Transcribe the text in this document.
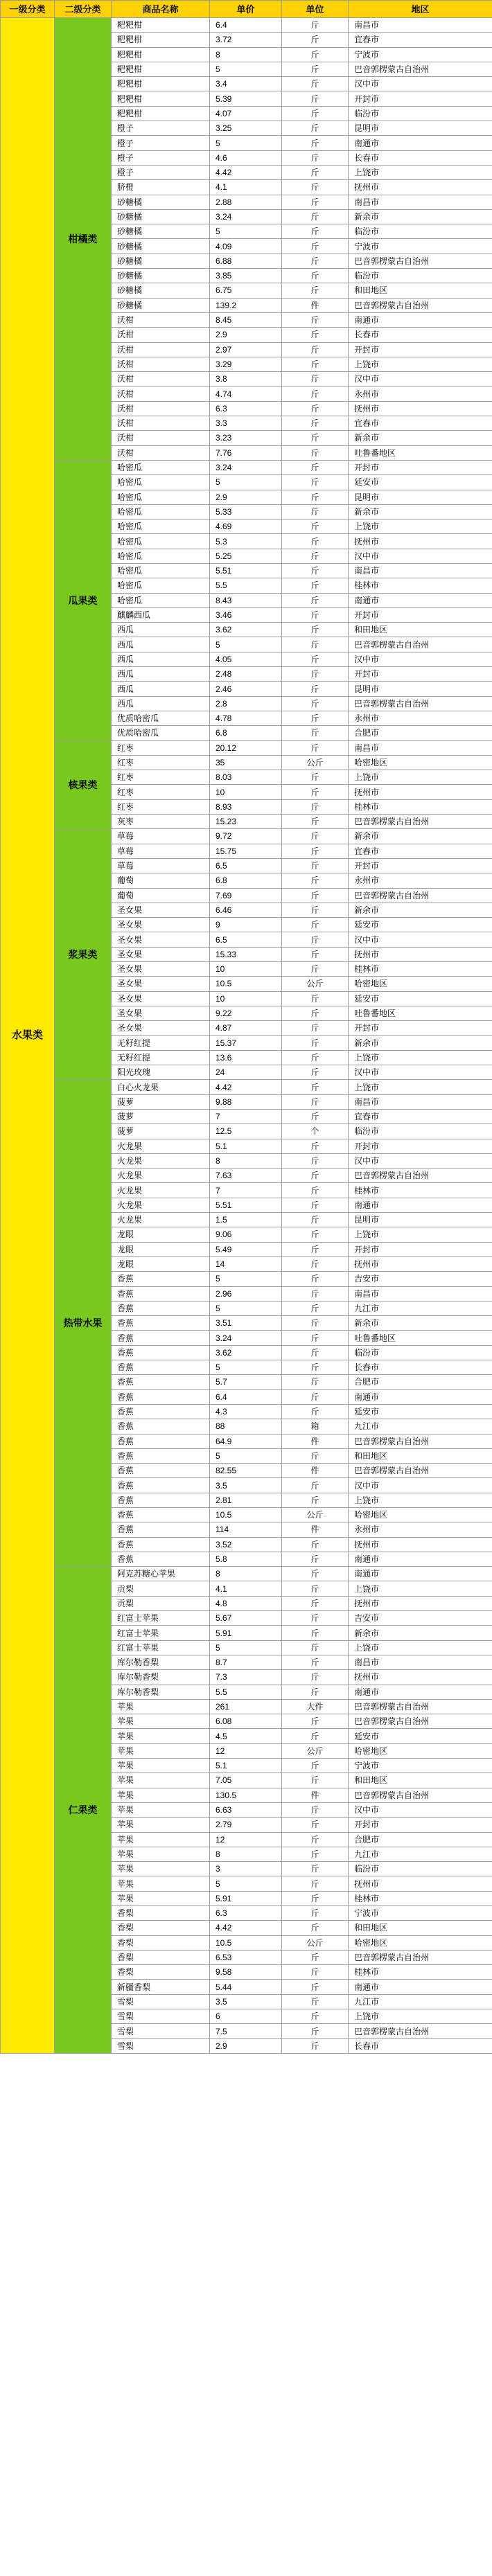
一级分类	二级分类	商品名称	单价	单位	地区
水果类	柑橘类	粑粑柑	6.4	斤	南昌市
		粑粑柑	3.72	斤	宜春市
		粑粑柑	8	斤	宁波市
		粑粑柑	5	斤	巴音郭楞蒙古自治州
		粑粑柑	3.4	斤	汉中市
		粑粑柑	5.39	斤	开封市
		粑粑柑	4.07	斤	临汾市
		橙子	3.25	斤	昆明市
		橙子	5	斤	南通市
		橙子	4.6	斤	长春市
		橙子	4.42	斤	上饶市
		脐橙	4.1	斤	抚州市
		砂糖橘	2.88	斤	南昌市
		砂糖橘	3.24	斤	新余市
		砂糖橘	5	斤	临汾市
		砂糖橘	4.09	斤	宁波市
		砂糖橘	6.88	斤	巴音郭楞蒙古自治州
		砂糖橘	3.85	斤	临汾市
		砂糖橘	6.75	斤	和田地区
		砂糖橘	139.2	件	巴音郭楞蒙古自治州
		沃柑	8.45	斤	南通市
		沃柑	2.9	斤	长春市
		沃柑	2.97	斤	开封市
		沃柑	3.29	斤	上饶市
		沃柑	3.8	斤	汉中市
		沃柑	4.74	斤	永州市
		沃柑	6.3	斤	抚州市
		沃柑	3.3	斤	宜春市
		沃柑	3.23	斤	新余市
		沃柑	7.76	斤	吐鲁番地区
	瓜果类	哈密瓜	3.24	斤	开封市
		哈密瓜	5	斤	延安市
		哈密瓜	2.9	斤	昆明市
		哈密瓜	5.33	斤	新余市
		哈密瓜	4.69	斤	上饶市
		哈密瓜	5.3	斤	抚州市
		哈密瓜	5.25	斤	汉中市
		哈密瓜	5.51	斤	南昌市
		哈密瓜	5.5	斤	桂林市
		哈密瓜	8.43	斤	南通市
		麒麟西瓜	3.46	斤	开封市
		西瓜	3.62	斤	和田地区
		西瓜	5	斤	巴音郭楞蒙古自治州
		西瓜	4.05	斤	汉中市
		西瓜	2.48	斤	开封市
		西瓜	2.46	斤	昆明市
		西瓜	2.8	斤	巴音郭楞蒙古自治州
		优质哈密瓜	4.78	斤	永州市
		优质哈密瓜	6.8	斤	合肥市
	核果类	红枣	20.12	斤	南昌市
		红枣	35	公斤	哈密地区
		红枣	8.03	斤	上饶市
		红枣	10	斤	抚州市
		红枣	8.93	斤	桂林市
		灰枣	15.23	斤	巴音郭楞蒙古自治州
	浆果类	草莓	9.72	斤	新余市
		草莓	15.75	斤	宜春市
		草莓	6.5	斤	开封市
		葡萄	6.8	斤	永州市
		葡萄	7.69	斤	巴音郭楞蒙古自治州
		圣女果	6.46	斤	新余市
		圣女果	9	斤	延安市
		圣女果	6.5	斤	汉中市
		圣女果	15.33	斤	抚州市
		圣女果	10	斤	桂林市
		圣女果	10.5	公斤	哈密地区
		圣女果	10	斤	延安市
		圣女果	9.22	斤	吐鲁番地区
		圣女果	4.87	斤	开封市
		无籽红提	15.37	斤	新余市
		无籽红提	13.6	斤	上饶市
		阳光玫瑰	24	斤	汉中市
	热带水果	白心火龙果	4.42	斤	上饶市
		菠萝	9.88	斤	南昌市
		菠萝	7	斤	宜春市
		菠萝	12.5	个	临汾市
		火龙果	5.1	斤	开封市
		火龙果	8	斤	汉中市
		火龙果	7.63	斤	巴音郭楞蒙古自治州
		火龙果	7	斤	桂林市
		火龙果	5.51	斤	南通市
		火龙果	1.5	斤	昆明市
		龙眼	9.06	斤	上饶市
		龙眼	5.49	斤	开封市
		龙眼	14	斤	抚州市
		香蕉	5	斤	吉安市
		香蕉	2.96	斤	南昌市
		香蕉	5	斤	九江市
		香蕉	3.51	斤	新余市
		香蕉	3.24	斤	吐鲁番地区
		香蕉	3.62	斤	临汾市
		香蕉	5	斤	长春市
		香蕉	5.7	斤	合肥市
		香蕉	6.4	斤	南通市
		香蕉	4.3	斤	延安市
		香蕉	88	箱	九江市
		香蕉	64.9	件	巴音郭楞蒙古自治州
		香蕉	5	斤	和田地区
		香蕉	82.55	件	巴音郭楞蒙古自治州
		香蕉	3.5	斤	汉中市
		香蕉	2.81	斤	上饶市
		香蕉	10.5	公斤	哈密地区
		香蕉	114	件	永州市
		香蕉	3.52	斤	抚州市
		香蕉	5.8	斤	南通市
	仁果类	阿克苏糖心苹果	8	斤	南通市
		贡梨	4.1	斤	上饶市
		贡梨	4.8	斤	抚州市
		红富士苹果	5.67	斤	吉安市
		红富士苹果	5.91	斤	新余市
		红富士苹果	5	斤	上饶市
		库尔勒香梨	8.7	斤	南昌市
		库尔勒香梨	7.3	斤	抚州市
		库尔勒香梨	5.5	斤	南通市
		苹果	261	大件	巴音郭楞蒙古自治州
		苹果	6.08	斤	巴音郭楞蒙古自治州
		苹果	4.5	斤	延安市
		苹果	12	公斤	哈密地区
		苹果	5.1	斤	宁波市
		苹果	7.05	斤	和田地区
		苹果	130.5	件	巴音郭楞蒙古自治州
		苹果	6.63	斤	汉中市
		苹果	2.79	斤	开封市
		苹果	12	斤	合肥市
		苹果	8	斤	九江市
		苹果	3	斤	临汾市
		苹果	5	斤	抚州市
		苹果	5.91	斤	桂林市
		香梨	6.3	斤	宁波市
		香梨	4.42	斤	和田地区
		香梨	10.5	公斤	哈密地区
		香梨	6.53	斤	巴音郭楞蒙古自治州
		香梨	9.58	斤	桂林市
		新疆香梨	5.44	斤	南通市
		雪梨	3.5	斤	九江市
		雪梨	6	斤	上饶市
		雪梨	7.5	斤	巴音郭楞蒙古自治州
		雪梨	2.9	斤	长春市
